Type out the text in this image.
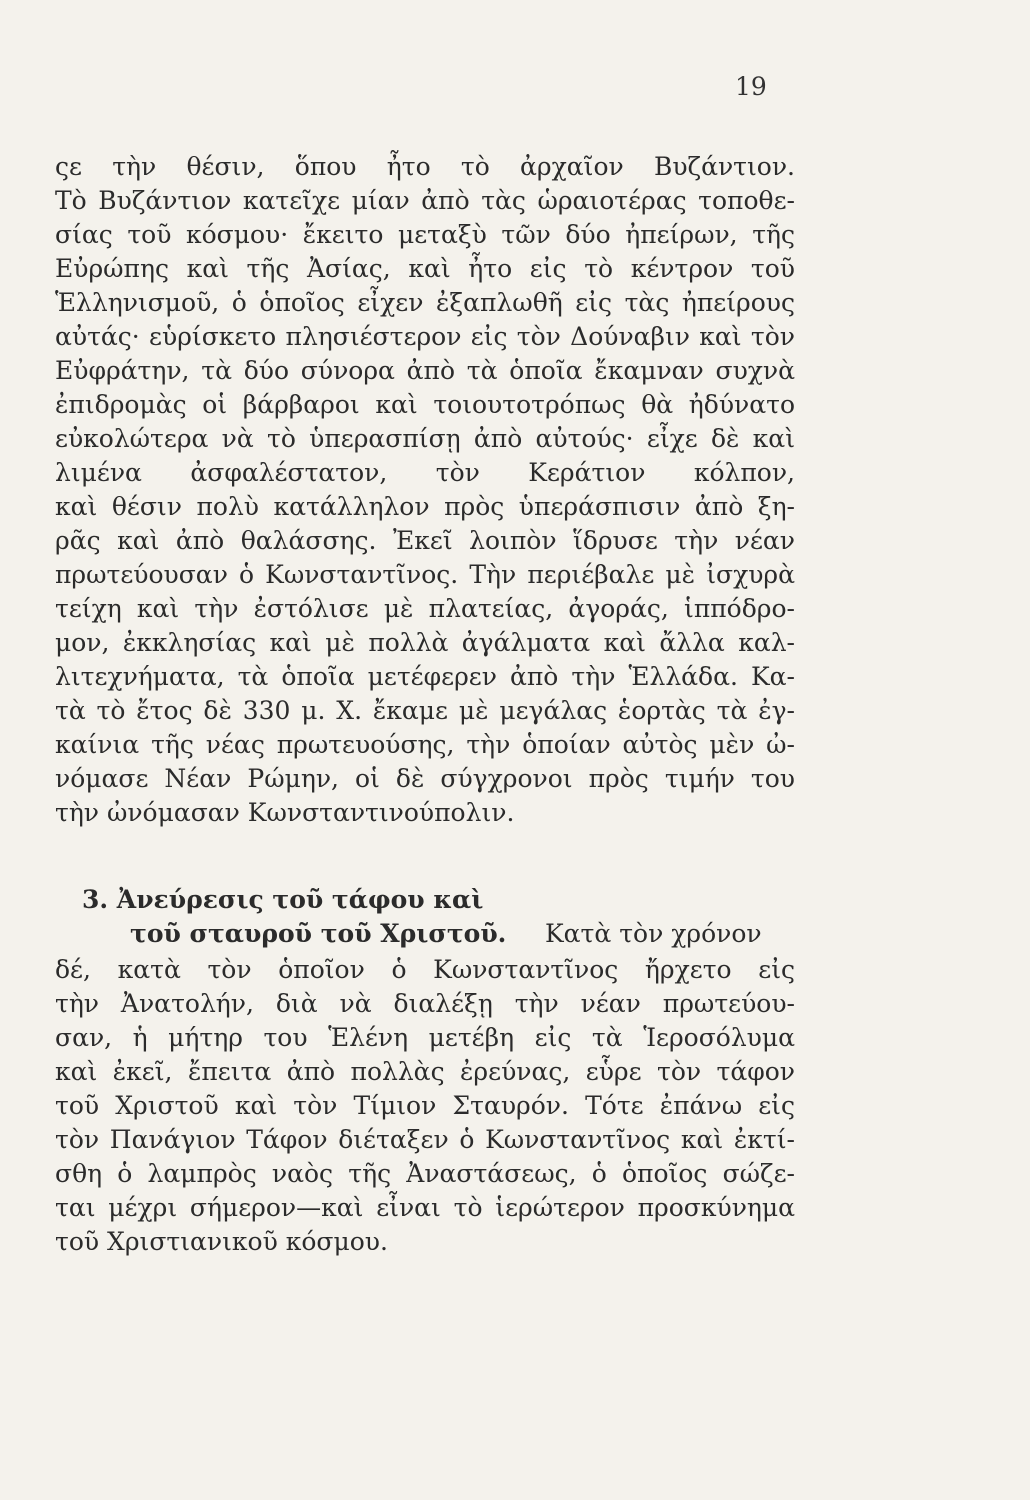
19
ςε τὴν θέσιν, ὅπου ἦτο τὸ ἀρχαῖον Βυζάντιον.
Τὸ Βυζάντιον κατεῖχε μίαν ἀπὸ τὰς ὡραιοτέρας τοποθε-
σίας τοῦ κόσμου· ἔκειτο μεταξὺ τῶν δύο ἠπείρων, τῆς
Εὐρώπης καὶ τῆς Ἀσίας, καὶ ἦτο εἰς τὸ κέντρον τοῦ
Ἑλληνισμοῦ, ὁ ὁποῖος εἶχεν ἐξαπλωθῆ εἰς τὰς ἠπείρους
αὐτάς· εὑρίσκετο πλησιέστερον εἰς τὸν Δούναβιν καὶ τὸν
Εὐφράτην, τὰ δύο σύνορα ἀπὸ τὰ ὁποῖα ἔκαμναν συχνὰ
ἐπιδρομὰς οἱ βάρβαροι καὶ τοιουτοτρόπως θὰ ἠδύνατο
εὐκολώτερα νὰ τὸ ὑπερασπίσῃ ἀπὸ αὐτούς· εἶχε δὲ καὶ
λιμένα ἀσφαλέστατον, τὸν Κεράτιον κόλπον,
καὶ θέσιν πολὺ κατάλληλον πρὸς ὑπεράσπισιν ἀπὸ ξη-
ρᾶς καὶ ἀπὸ θαλάσσης. Ἐκεῖ λοιπὸν ἵδρυσε τὴν νέαν
πρωτεύουσαν ὁ Κωνσταντῖνος. Τὴν περιέβαλε μὲ ἰσχυρὰ
τείχη καὶ τὴν ἐστόλισε μὲ πλατείας, ἀγοράς, ἱππόδρο-
μον, ἐκκλησίας καὶ μὲ πολλὰ ἀγάλματα καὶ ἄλλα καλ-
λιτεχνήματα, τὰ ὁποῖα μετέφερεν ἀπὸ τὴν Ἑλλάδα. Κα-
τὰ τὸ ἔτος δὲ 330 μ. Χ. ἔκαμε μὲ μεγάλας ἑορτὰς τὰ ἐγ-
καίνια τῆς νέας πρωτευούσης, τὴν ὁποίαν αὐτὸς μὲν ὠ-
νόμασε Νέαν Ρώμην, οἱ δὲ σύγχρονοι πρὸς τιμήν του
τὴν ὠνόμασαν Κωνσταντινούπολιν.
3. Ἀνεύρεσις τοῦ τάφου καὶ
τοῦ σταυροῦ τοῦ Χριστοῦ. Κατὰ τὸν χρόνον
δέ, κατὰ τὸν ὁποῖον ὁ Κωνσταντῖνος ἤρχετο εἰς
τὴν Ἀνατολήν, διὰ νὰ διαλέξῃ τὴν νέαν πρωτεύου-
σαν, ἡ μήτηρ του Ἑλένη μετέβη εἰς τὰ Ἱεροσόλυμα
καὶ ἐκεῖ, ἔπειτα ἀπὸ πολλὰς ἐρεύνας, εὗρε τὸν τάφον
τοῦ Χριστοῦ καὶ τὸν Τίμιον Σταυρόν. Τότε ἐπάνω εἰς
τὸν Πανάγιον Τάφον διέταξεν ὁ Κωνσταντῖνος καὶ ἐκτί-
σθη ὁ λαμπρὸς ναὸς τῆς Ἀναστάσεως, ὁ ὁποῖος σώζε-
ται μέχρι σήμερον—καὶ εἶναι τὸ ἱερώτερον προσκύνημα
τοῦ Χριστιανικοῦ κόσμου.
